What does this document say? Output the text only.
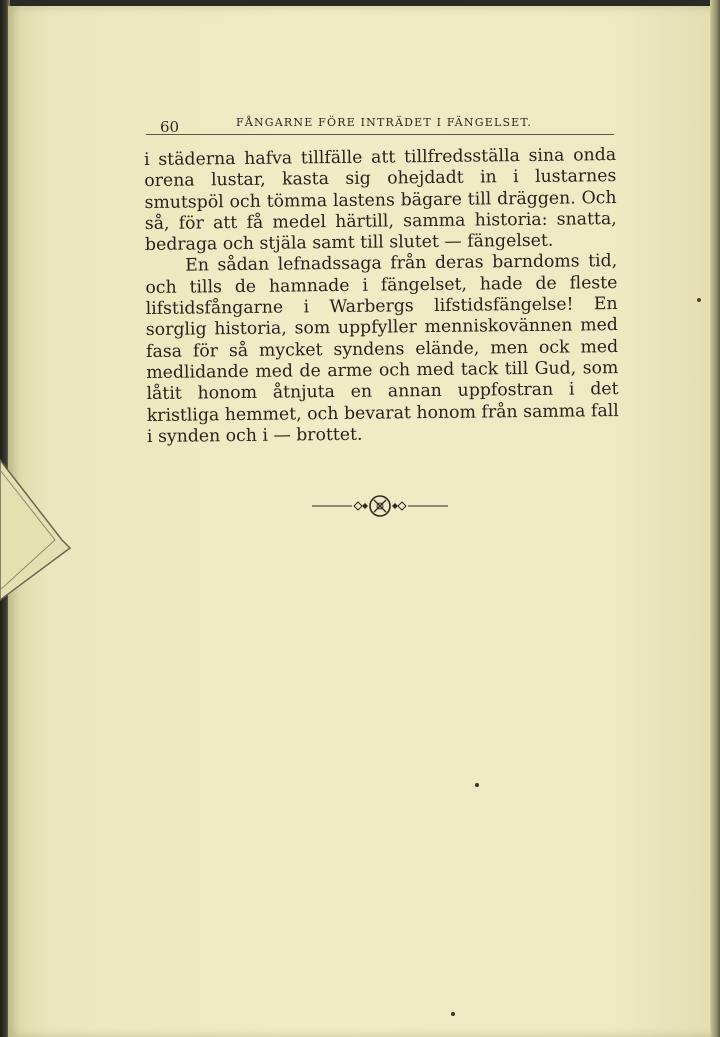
60	FÅNGARNE FÖRE INTRÄDET I FÄNGELSET.

i städerna hafva tillfälle att tillfredsställa sina onda orena lustar, kasta sig ohejdadt in i lustarnes smutspöl och tömma lastens bägare till dräggen. Och så, för att få medel härtill, samma historia: snatta, bedraga och stjäla samt till slutet — fängelset.

En sådan lefnadssaga från deras barndoms tid, och tills de hamnade i fängelset, hade de fleste lifstidsfångarne i Warbergs lifstidsfängelse! En sorglig historia, som uppfyller menniskovännen med fasa för så mycket syndens elände, men ock med medlidande med de arme och med tack till Gud, som låtit honom åtnjuta en annan uppfostran i det kristliga hemmet, och bevarat honom från samma fall i synden och i — brottet.
